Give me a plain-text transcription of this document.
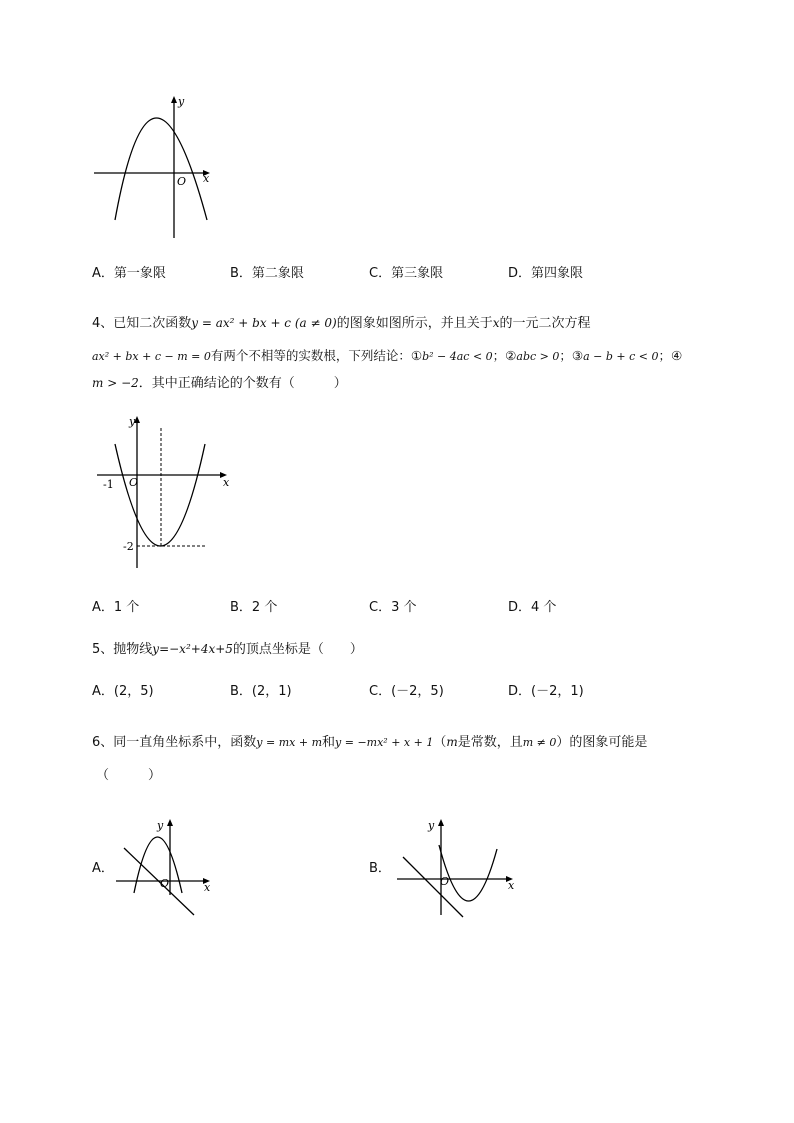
y
x
O
A．第一象限	B．第二象限	C．第三象限	D．第四象限
4、已知二次函数y = ax² + bx + c (a ≠ 0)的图象如图所示，并且关于x的一元二次方程
ax² + bx + c − m = 0有两个不相等的实数根，下列结论：①b² − 4ac < 0；②abc > 0；③a − b + c < 0；④
m > −2．其中正确结论的个数有（　　　）
y
x
O
-1
-2
A．1 个	B．2 个	C．3 个	D．4 个
5、抛物线y=−x²+4x+5的顶点坐标是（　　）
A．(2，5)	B．(2，1)	C．(－2，5)	D．(－2，1)
6、同一直角坐标系中，函数y = mx + m和y = −mx² + x + 1（m是常数，且m ≠ 0）的图象可能是
（　　　）
A．
y
x
O
B．
y
x
O
